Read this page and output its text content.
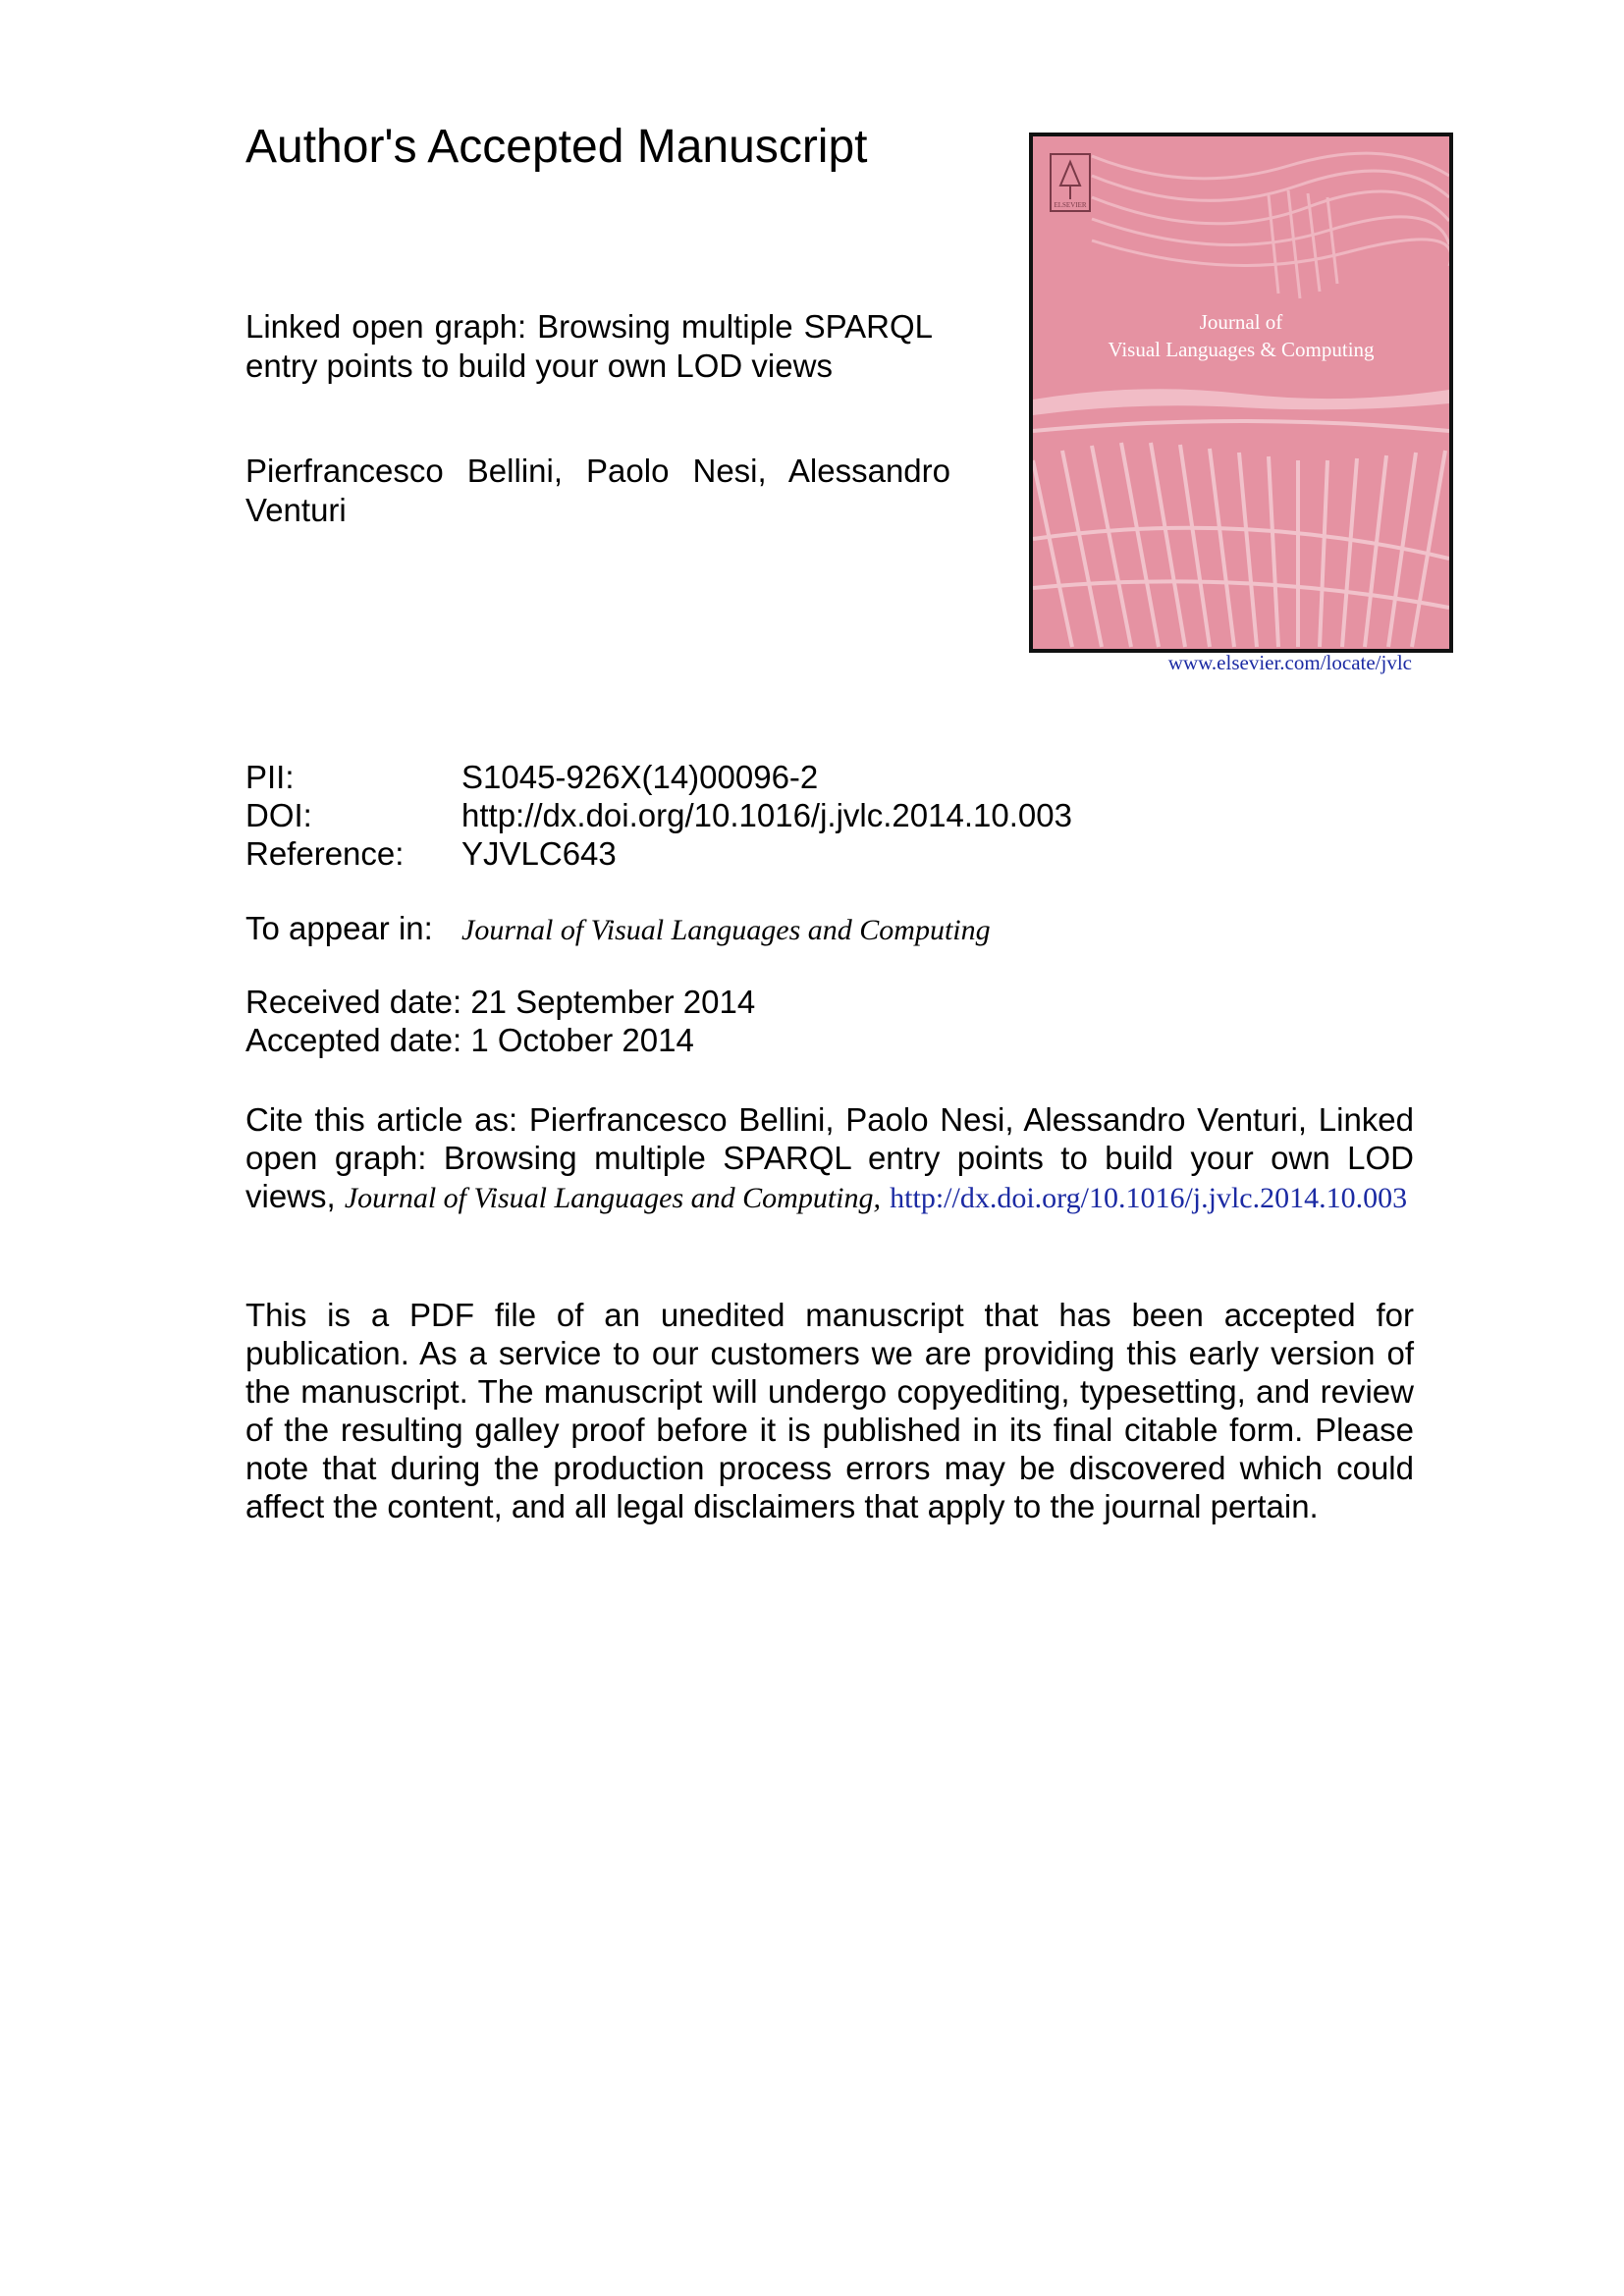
Author's Accepted Manuscript
Linked open graph: Browsing multiple SPARQL entry points to build your own LOD views
Pierfrancesco Bellini, Paolo Nesi, Alessandro Venturi
ELSEVIER
Journal of
Visual Languages & Computing
www.elsevier.com/locate/jvlc
PII:	S1045-926X(14)00096-2
DOI:	http://dx.doi.org/10.1016/j.jvlc.2014.10.003
Reference: YJVLC643
To appear in: Journal of Visual Languages and Computing
Received date: 21 September 2014
Accepted date: 1 October 2014
Cite this article as: Pierfrancesco Bellini, Paolo Nesi, Alessandro Venturi, Linked open graph: Browsing multiple SPARQL entry points to build your own LOD views, Journal of Visual Languages and Computing, http://dx.doi.org/10.1016/j.jvlc.2014.10.003
This is a PDF file of an unedited manuscript that has been accepted for publication. As a service to our customers we are providing this early version of the manuscript. The manuscript will undergo copyediting, typesetting, and review of the resulting galley proof before it is published in its final citable form. Please note that during the production process errors may be discovered which could affect the content, and all legal disclaimers that apply to the journal pertain.
